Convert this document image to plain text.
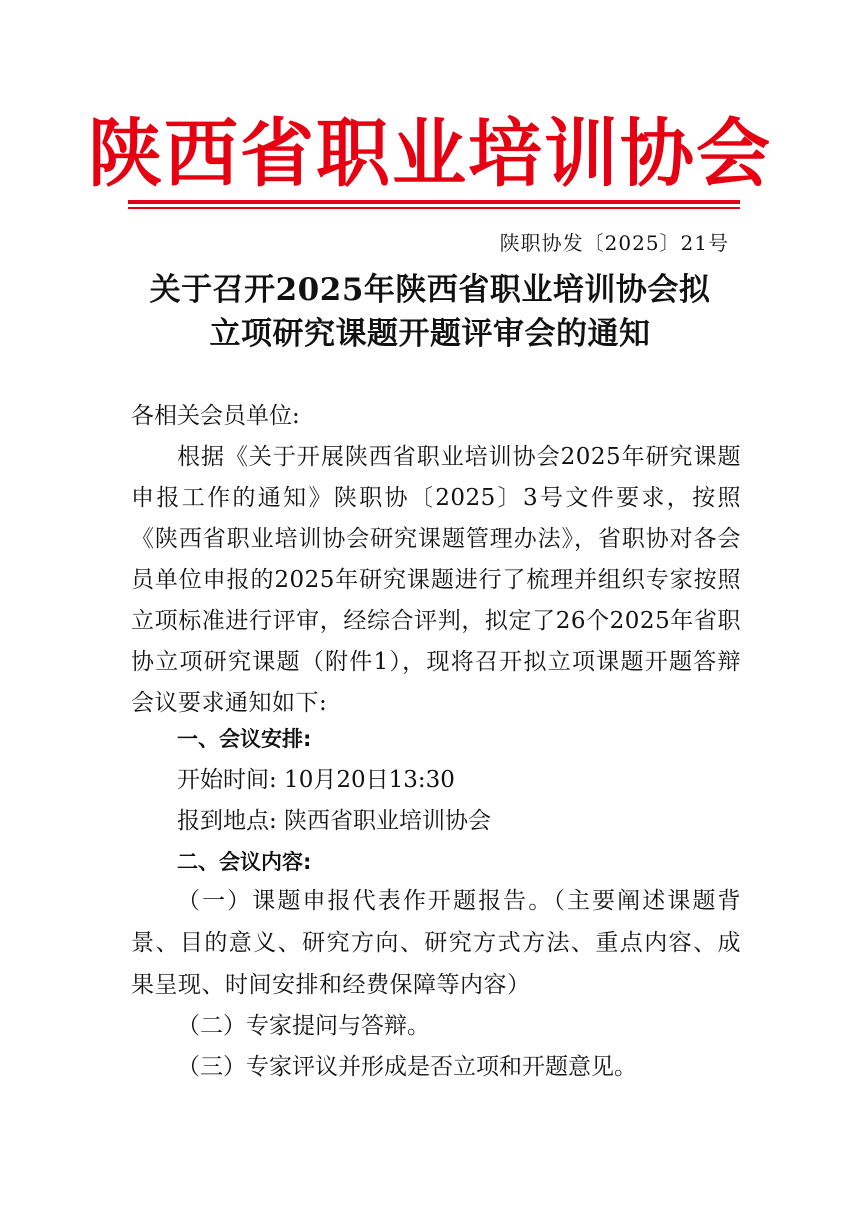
陕西省职业培训协会
陕职协发〔2025〕21号
关于召开2025年陕西省职业培训协会拟
立项研究课题开题评审会的通知
各相关会员单位:
根据《关于开展陕西省职业培训协会2025年研究课题申报工作的通知》陕职协〔2025〕3号文件要求，按照《陕西省职业培训协会研究课题管理办法》，省职协对各会员单位申报的2025年研究课题进行了梳理并组织专家按照立项标准进行评审，经综合评判，拟定了26个2025年省职协立项研究课题（附件1），现将召开拟立项课题开题答辩会议要求通知如下:
一、会议安排:
开始时间: 10月20日13:30
报到地点: 陕西省职业培训协会
二、会议内容:
（一）课题申报代表作开题报告。（主要阐述课题背景、目的意义、研究方向、研究方式方法、重点内容、成果呈现、时间安排和经费保障等内容）
（二）专家提问与答辩。
（三）专家评议并形成是否立项和开题意见。
